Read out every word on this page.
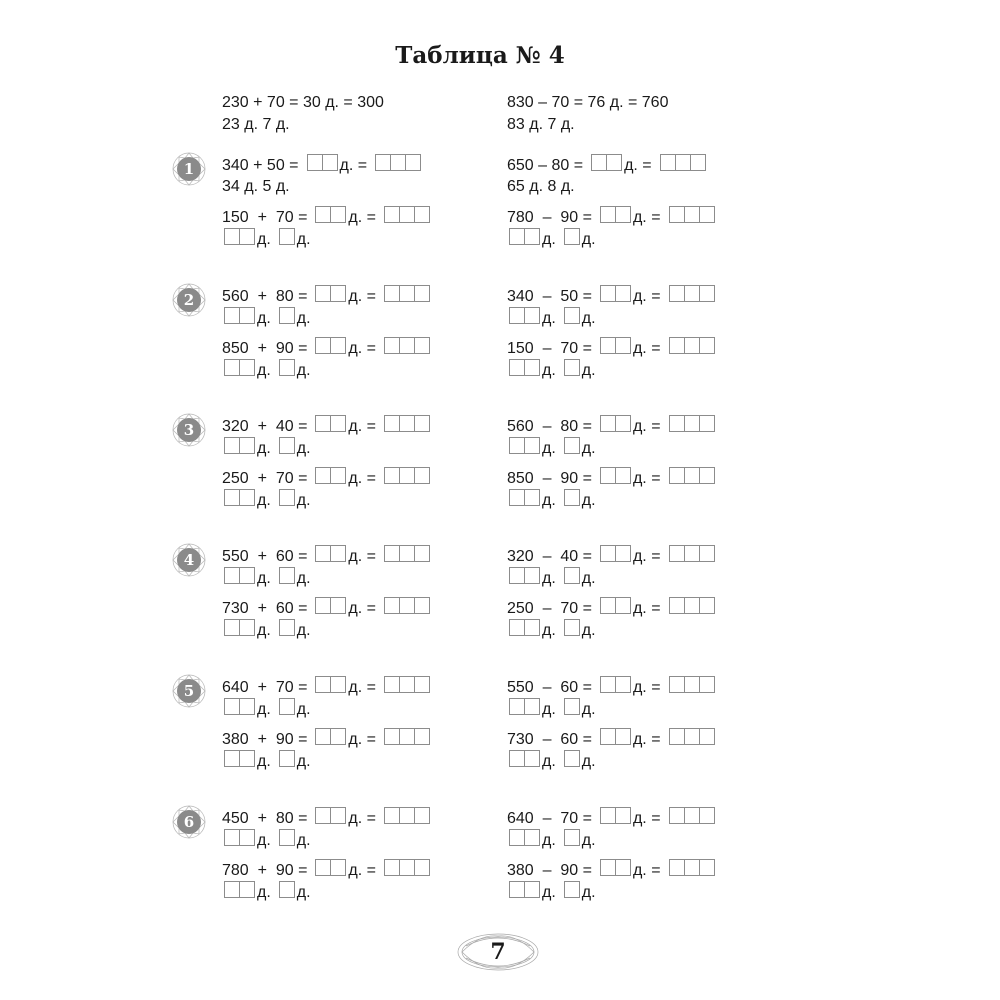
Таблица № 4
230 + 70 = 30 д. = 300
23 д. 7 д.
830 – 70 = 76 д. = 760
83 д. 7 д.
1	340 + 50 =	д. =
34 д. 5 д.
650 – 80 =	д. =
65 д. 8 д.
150  +  70 =	д. =
д. д.
780  –  90 =	д. =
д. д.
2	560  +  80 =	д. =
д. д.
340  –  50 =	д. =
д. д.
850  +  90 =	д. =
д. д.
150  –  70 =	д. =
д. д.
3	320  +  40 =	д. =
д. д.
560  –  80 =	д. =
д. д.
250  +  70 =	д. =
д. д.
850  –  90 =	д. =
д. д.
4	550  +  60 =	д. =
д. д.
320  –  40 =	д. =
д. д.
730  +  60 =	д. =
д. д.
250  –  70 =	д. =
д. д.
5	640  +  70 =	д. =
д. д.
550  –  60 =	д. =
д. д.
380  +  90 =	д. =
д. д.
730  –  60 =	д. =
д. д.
6	450  +  80 =	д. =
д. д.
640  –  70 =	д. =
д. д.
780  +  90 =	д. =
д. д.
380  –  90 =	д. =
д. д.
7
